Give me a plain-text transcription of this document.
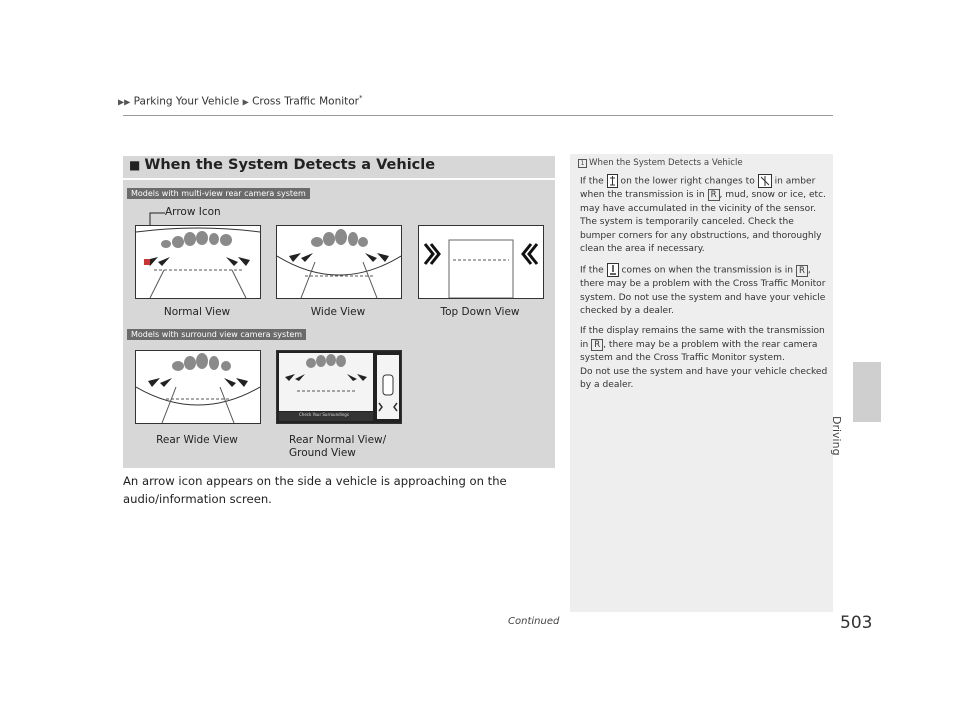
▶▶ Parking Your Vehicle ▶ Cross Traffic Monitor*
■ When the System Detects a Vehicle
Models with multi-view rear camera system
Arrow Icon
Normal View	Wide View	Top Down View
Models with surround view camera system
Check Your Surroundings
Rear Wide View	Rear Normal View/
Ground View
An arrow icon appears on the side a vehicle is approaching on the audio/information screen.
1 When the System Detects a Vehicle

If the on the lower right changes to in amber when the transmission is in R , mud, snow or ice, etc. may have accumulated in the vicinity of the sensor. The system is temporarily canceled. Check the bumper corners for any obstructions, and thoroughly clean the area if necessary.

If the comes on when the transmission is in R , there may be a problem with the Cross Traffic Monitor system. Do not use the system and have your vehicle checked by a dealer.

If the display remains the same with the transmission in R , there may be a problem with the rear camera system and the Cross Traffic Monitor system.
Do not use the system and have your vehicle checked by a dealer.

Driving
Continued	503
